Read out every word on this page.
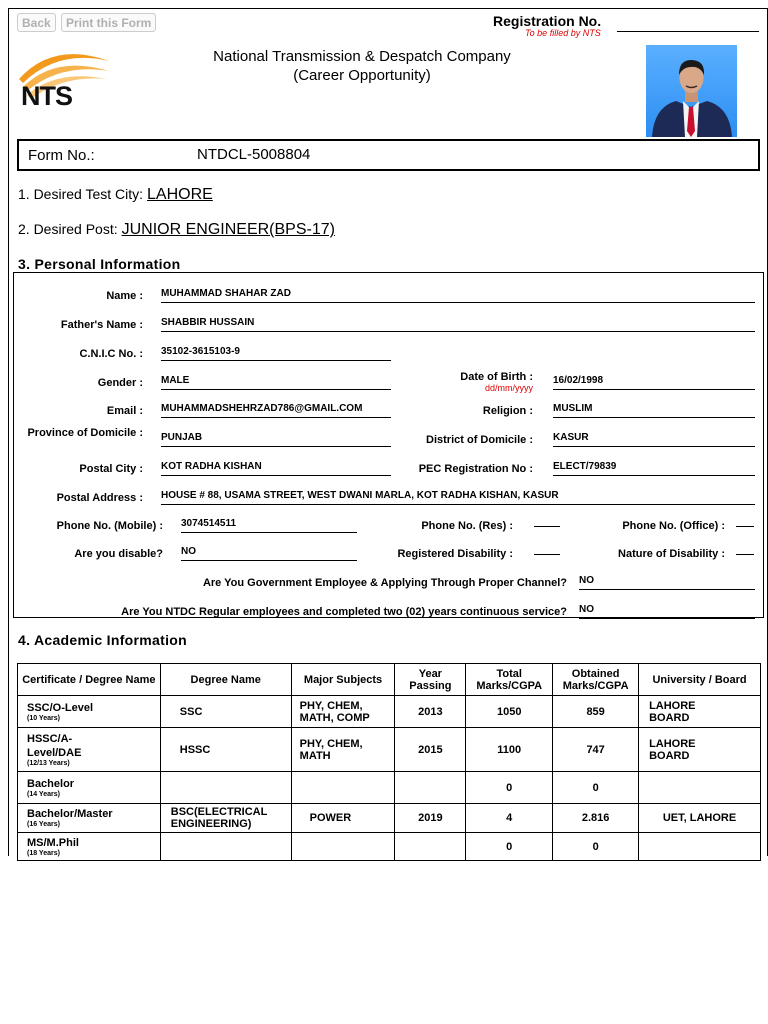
Back	Print this Form
NTS
Registration No.
To be filled by NTS
National Transmission & Despatch Company
(Career Opportunity)
Form No.:	NTDCL-5008804
1. Desired Test City: LAHORE
2. Desired Post: JUNIOR ENGINEER(BPS-17)
3. Personal Information
Name : MUHAMMAD SHAHAR ZAD
Father's Name : SHABBIR HUSSAIN
C.N.I.C No. : 35102-3615103-9
Gender : MALE	Date of Birth :
dd/mm/yyyy
16/02/1998
Email : MUHAMMADSHEHRZAD786@GMAIL.COM	Religion : MUSLIM
Province of Domicile : PUNJAB	District of Domicile : KASUR
Postal City : KOT RADHA KISHAN	PEC Registration No : ELECT/79839
Postal Address : HOUSE # 88, USAMA STREET, WEST DWANI MARLA, KOT RADHA KISHAN, KASUR
Phone No. (Mobile) : 3074514511	Phone No. (Res) :	Phone No. (Office) :
Are you disable? NO	Registered Disability :	Nature of Disability :
Are You Government Employee & Applying Through Proper Channel? NO
Are You NTDC Regular employees and completed two (02) years continuous service? NO
4. Academic Information
Certificate / Degree Name	Degree Name	Major Subjects	Year Passing	Total Marks/CGPA	Obtained Marks/CGPA	University / Board
SSC/O-Level
(10 Years)	SSC	PHY, CHEM, MATH, COMP	2013	1050	859	LAHORE BOARD
HSSC/A-Level/DAE
(12/13 Years)	HSSC	PHY, CHEM, MATH	2015	1100	747	LAHORE BOARD
Bachelor
(14 Years)				0	0	
Bachelor/Master
(16 Years)	BSC(ELECTRICAL ENGINEERING)	POWER	2019	4	2.816	UET, LAHORE
MS/M.Phil
(18 Years)				0	0	
